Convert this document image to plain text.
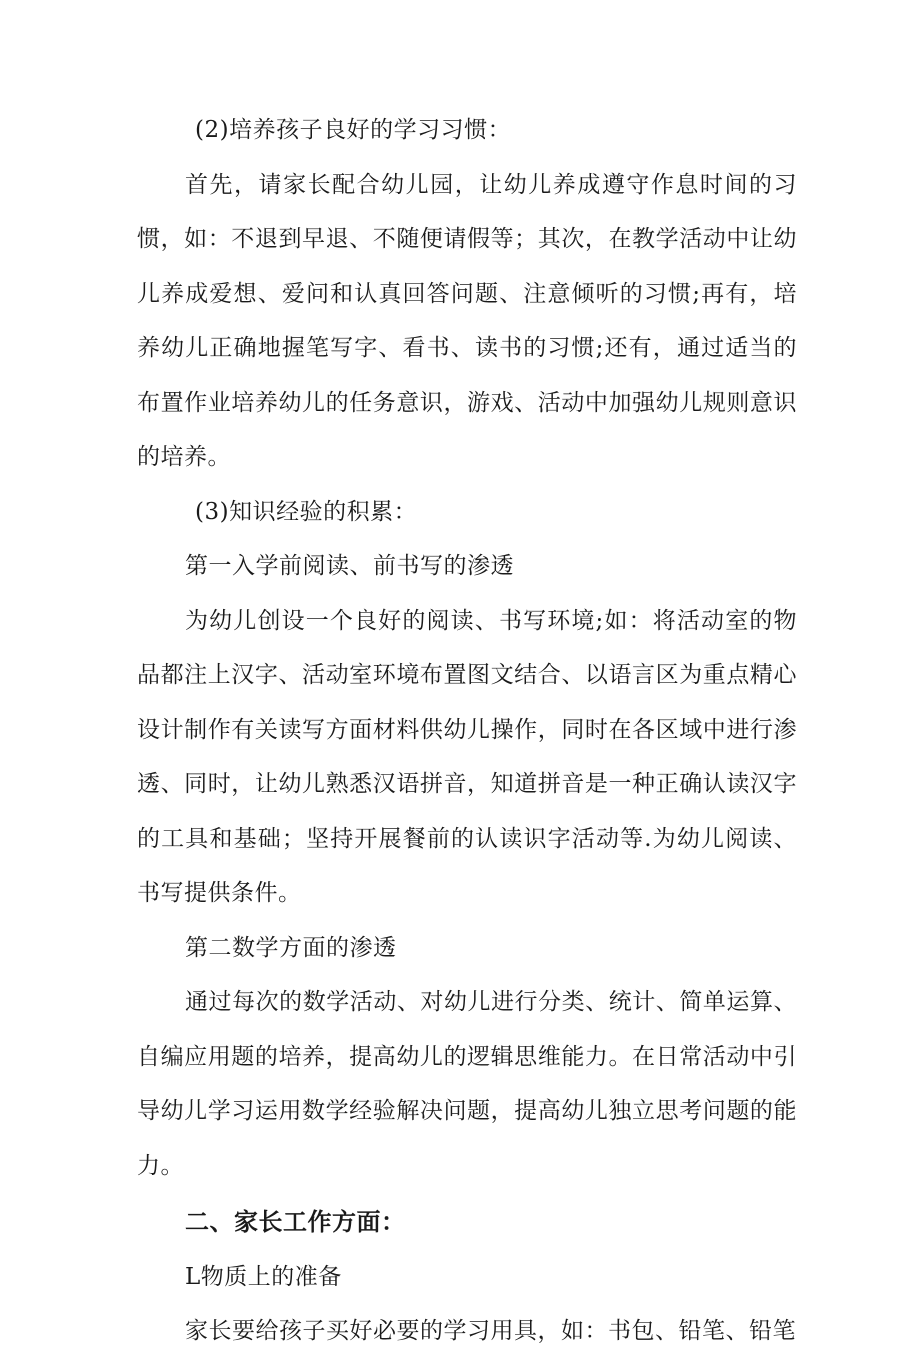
(2)培养孩子良好的学习习惯：

首先，请家长配合幼儿园，让幼儿养成遵守作息时间的习惯，如：不退到早退、不随便请假等；其次，在教学活动中让幼儿养成爱想、爱问和认真回答问题、注意倾听的习惯;再有，培养幼儿正确地握笔写字、看书、读书的习惯;还有，通过适当的布置作业培养幼儿的任务意识，游戏、活动中加强幼儿规则意识的培养。

(3)知识经验的积累：

第一入学前阅读、前书写的渗透

为幼儿创设一个良好的阅读、书写环境;如：将活动室的物品都注上汉字、活动室环境布置图文结合、以语言区为重点精心设计制作有关读写方面材料供幼儿操作，同时在各区域中进行渗透、同时，让幼儿熟悉汉语拼音，知道拼音是一种正确认读汉字的工具和基础；坚持开展餐前的认读识字活动等.为幼儿阅读、书写提供条件。

第二数学方面的渗透

通过每次的数学活动、对幼儿进行分类、统计、简单运算、自编应用题的培养，提高幼儿的逻辑思维能力。在日常活动中引导幼儿学习运用数学经验解决问题，提高幼儿独立思考问题的能力。

二、家长工作方面：

L物质上的准备

家长要给孩子买好必要的学习用具，如：书包、铅笔、铅笔
